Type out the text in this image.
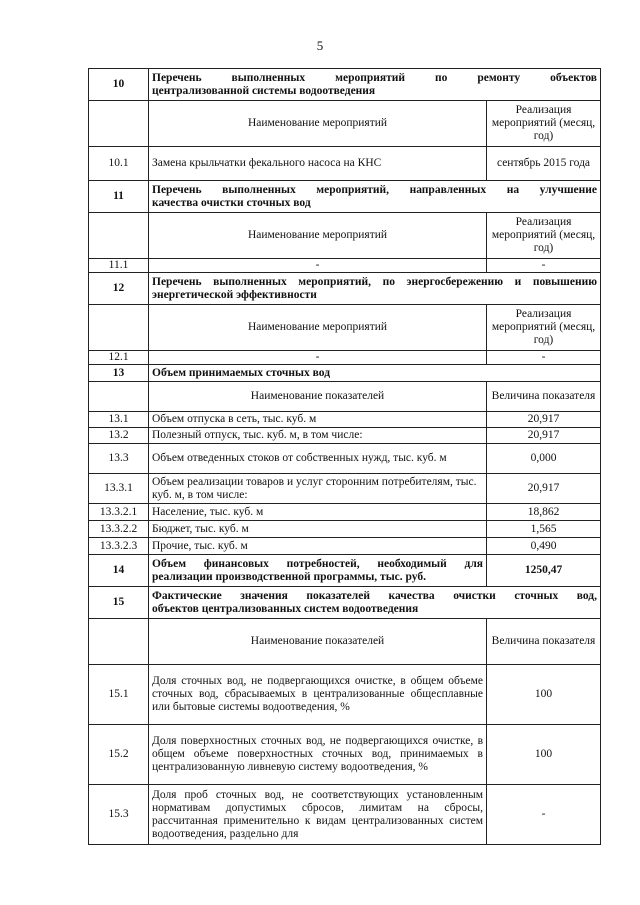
5
10	Перечень выполненных мероприятий по ремонту объектов
централизованной системы водоотведения	

	Наименование мероприятий	Реализация мероприятий (месяц, год)
10.1	Замена крыльчатки фекального насоса на КНС	сентябрь 2015 года
11	Перечень выполненных мероприятий, направленных на улучшение
качества очистки сточных вод	

	Наименование мероприятий	Реализация мероприятий (месяц, год)
11.1	-	-
12	Перечень выполненных мероприятий, по энергосбережению и повышению
энергетической эффективности	

	Наименование мероприятий	Реализация мероприятий (месяц, год)
12.1	-	-
13	Объем принимаемых сточных вод	
	Наименование показателей	Величина показателя
13.1	Объем отпуска в сеть, тыс. куб. м	20,917
13.2	Полезный отпуск, тыс. куб. м, в том числе:	20,917
13.3	Объем отведенных стоков от собственных нужд, тыс. куб. м	0,000
13.3.1	Объем реализации товаров и услуг сторонним потребителям, тыс. куб. м, в том числе:	20,917
13.3.2.1	Население, тыс. куб. м	18,862
13.3.2.2	Бюджет, тыс. куб. м	1,565
13.3.2.3	Прочие, тыс. куб. м	0,490
14	Объем финансовых потребностей, необходимый для
реализации производственной программы, тыс. руб.	1250,47
15	Фактические значения показателей качества очистки сточных вод,
объектов централизованных систем водоотведения	

	Наименование показателей	Величина показателя
15.1	Доля сточных вод, не подвергающихся очистке, в общем объеме сточных вод, сбрасываемых в централизованные общесплавные или бытовые системы водоотведения, %	100
15.2	Доля поверхностных сточных вод, не подвергающихся очистке, в общем объеме поверхностных сточных вод, принимаемых в централизованную ливневую систему водоотведения, %	100
15.3	Доля проб сточных вод, не соответствующих установленным нормативам допустимых сбросов, лимитам на сбросы, рассчитанная применительно к видам централизованных систем водоотведения, раздельно для	-
